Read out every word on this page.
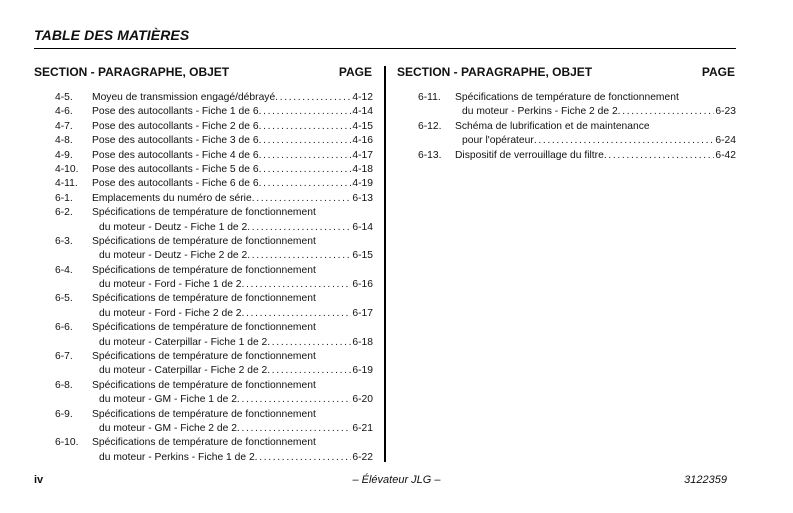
TABLE DES MATIÈRES
SECTION - PARAGRAPHE, OBJET	PAGE SECTION - PARAGRAPHE, OBJET	PAGE
4-5.	Moyeu de transmission engagé/débrayé . . .	4-12
4-6.	Pose des autocollants - Fiche 1 de 6 . . .	4-14
4-7.	Pose des autocollants - Fiche 2 de 6 . . .	4-15
4-8.	Pose des autocollants - Fiche 3 de 6 . . .	4-16
4-9.	Pose des autocollants - Fiche 4 de 6 . . .	4-17
4-10.	Pose des autocollants - Fiche 5 de 6 . . .	4-18
4-11.	Pose des autocollants - Fiche 6 de 6 . . .	4-19
6-1.	Emplacements du numéro de série . . .	6-13
6-2.	Spécifications de température de fonctionnement
du moteur - Deutz - Fiche 1 de 2 . . .	6-14
6-3.	Spécifications de température de fonctionnement
du moteur - Deutz - Fiche 2 de 2 . . .	6-15
6-4.	Spécifications de température de fonctionnement
du moteur - Ford - Fiche 1 de 2 . . .	6-16
6-5.	Spécifications de température de fonctionnement
du moteur - Ford - Fiche 2 de 2 . . .	6-17
6-6.	Spécifications de température de fonctionnement
du moteur - Caterpillar - Fiche 1 de 2 . . .	6-18
6-7.	Spécifications de température de fonctionnement
du moteur - Caterpillar - Fiche 2 de 2 . . .	6-19
6-8.	Spécifications de température de fonctionnement
du moteur - GM - Fiche 1 de 2 . . .	6-20
6-9.	Spécifications de température de fonctionnement
du moteur - GM - Fiche 2 de 2 . . .	6-21
6-10.	Spécifications de température de fonctionnement
du moteur - Perkins - Fiche 1 de 2 . . .	6-22
6-11.	Spécifications de température de fonctionnement
du moteur - Perkins - Fiche 2 de 2 . . .	6-23
6-12.	Schéma de lubrification et de maintenance
pour l'opérateur . . .	6-24
6-13.	Dispositif de verrouillage du filtre . . .	6-42
iv	– Élévateur JLG –	3122359
